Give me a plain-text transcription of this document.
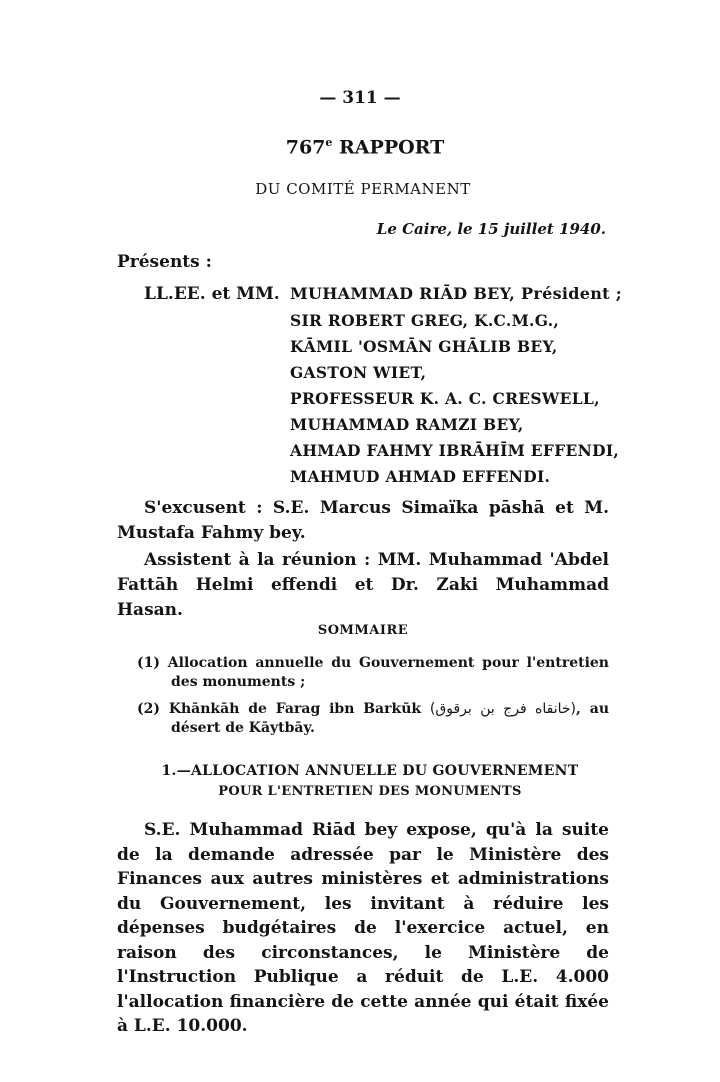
— 311 —
767e RAPPORT
DU COMITÉ PERMANENT
Le Caire, le 15 juillet 1940.
Présents :
LL.EE. et MM. MUHAMMAD RIĀD BEY, Président ;
SIR ROBERT GREG, K.C.M.G.,
KĀMIL 'OSMĀN GHĀLIB BEY,
GASTON WIET,
PROFESSEUR K. A. C. CRESWELL,
MUHAMMAD RAMZI BEY,
AHMAD FAHMY IBRĀHĪM EFFENDI,
MAHMUD AHMAD EFFENDI.
S'excusent : S.E. Marcus Simaïka pāshā et M. Mustafa Fahmy bey.
Assistent à la réunion : MM. Muhammad 'Abdel Fattāh Helmi effendi et Dr. Zaki Muhammad Hasan.
SOMMAIRE
(1) Allocation annuelle du Gouvernement pour l'entretien des monuments ;
(2) Khānkāh de Farag ibn Barkūk (خانقاه فرج بن برقوق), au désert de Kāytbāy.
1.—ALLOCATION ANNUELLE DU GOUVERNEMENT
POUR L'ENTRETIEN DES MONUMENTS
S.E. Muhammad Riād bey expose, qu'à la suite de la demande adressée par le Ministère des Finances aux autres ministères et administrations du Gouvernement, les invitant à réduire les dépenses budgétaires de l'exercice actuel, en raison des circonstances, le Ministère de l'Instruction Publique a réduit de L.E. 4.000 l'allocation financière de cette année qui était fixée à L.E. 10.000.
